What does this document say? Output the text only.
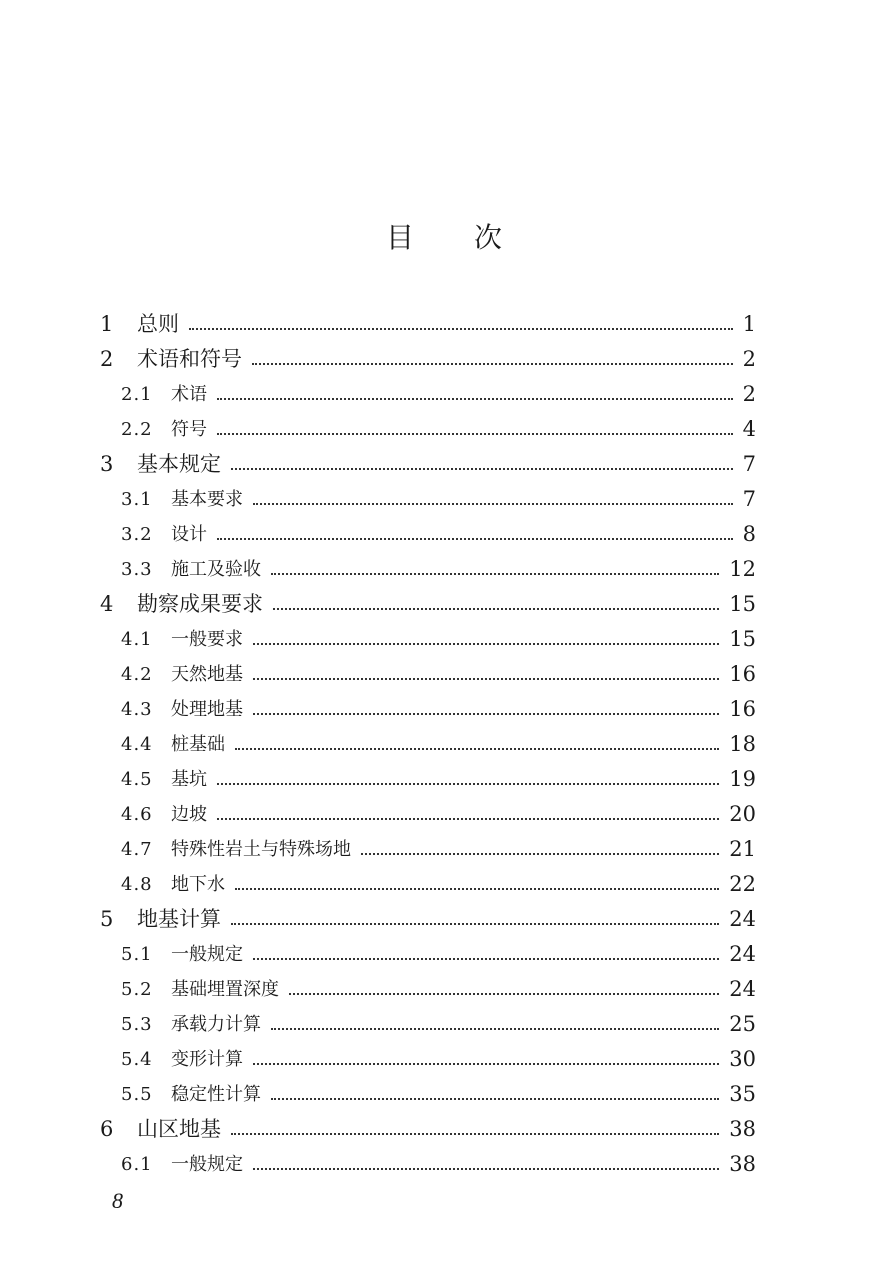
目次
1 总则	1
2 术语和符号	2
2.1 术语	2
2.2 符号	4
3 基本规定	7
3.1 基本要求	7
3.2 设计	8
3.3 施工及验收	12
4 勘察成果要求	15
4.1 一般要求	15
4.2 天然地基	16
4.3 处理地基	16
4.4 桩基础	18
4.5 基坑	19
4.6 边坡	20
4.7 特殊性岩土与特殊场地	21
4.8 地下水	22
5 地基计算	24
5.1 一般规定	24
5.2 基础埋置深度	24
5.3 承载力计算	25
5.4 变形计算	30
5.5 稳定性计算	35
6 山区地基	38
6.1 一般规定	38
8
